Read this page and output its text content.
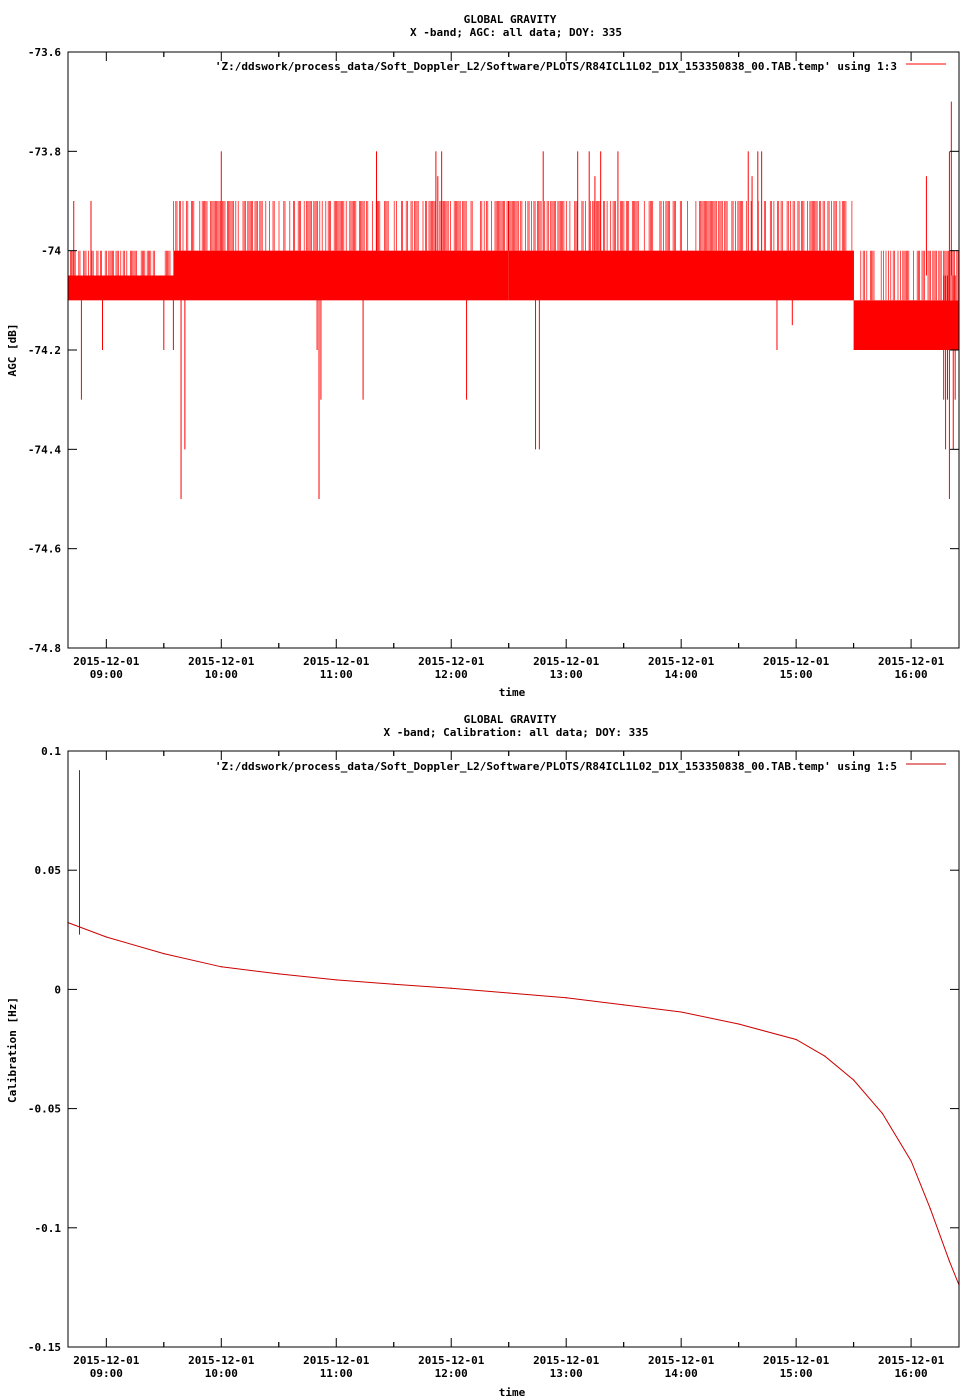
GLOBAL GRAVITY
X -band; AGC: all data; DOY: 335
AGC [dB]
time
'Z:/ddswork/process_data/Soft_Doppler_L2/Software/PLOTS/R84ICL1L02_D1X_153350838_00.TAB.temp' using 1:3
-73.6
-73.8
-74
-74.2
-74.4
-74.6
-74.8
2015-12-01
09:00
2015-12-01
10:00
2015-12-01
11:00
2015-12-01
12:00
2015-12-01
13:00
2015-12-01
14:00
2015-12-01
15:00
2015-12-01
16:00
GLOBAL GRAVITY
X -band; Calibration: all data; DOY: 335
Calibration [Hz]
time
'Z:/ddswork/process_data/Soft_Doppler_L2/Software/PLOTS/R84ICL1L02_D1X_153350838_00.TAB.temp' using 1:5
0.1
0.05
0
-0.05
-0.1
-0.15
2015-12-01
09:00
2015-12-01
10:00
2015-12-01
11:00
2015-12-01
12:00
2015-12-01
13:00
2015-12-01
14:00
2015-12-01
15:00
2015-12-01
16:00
